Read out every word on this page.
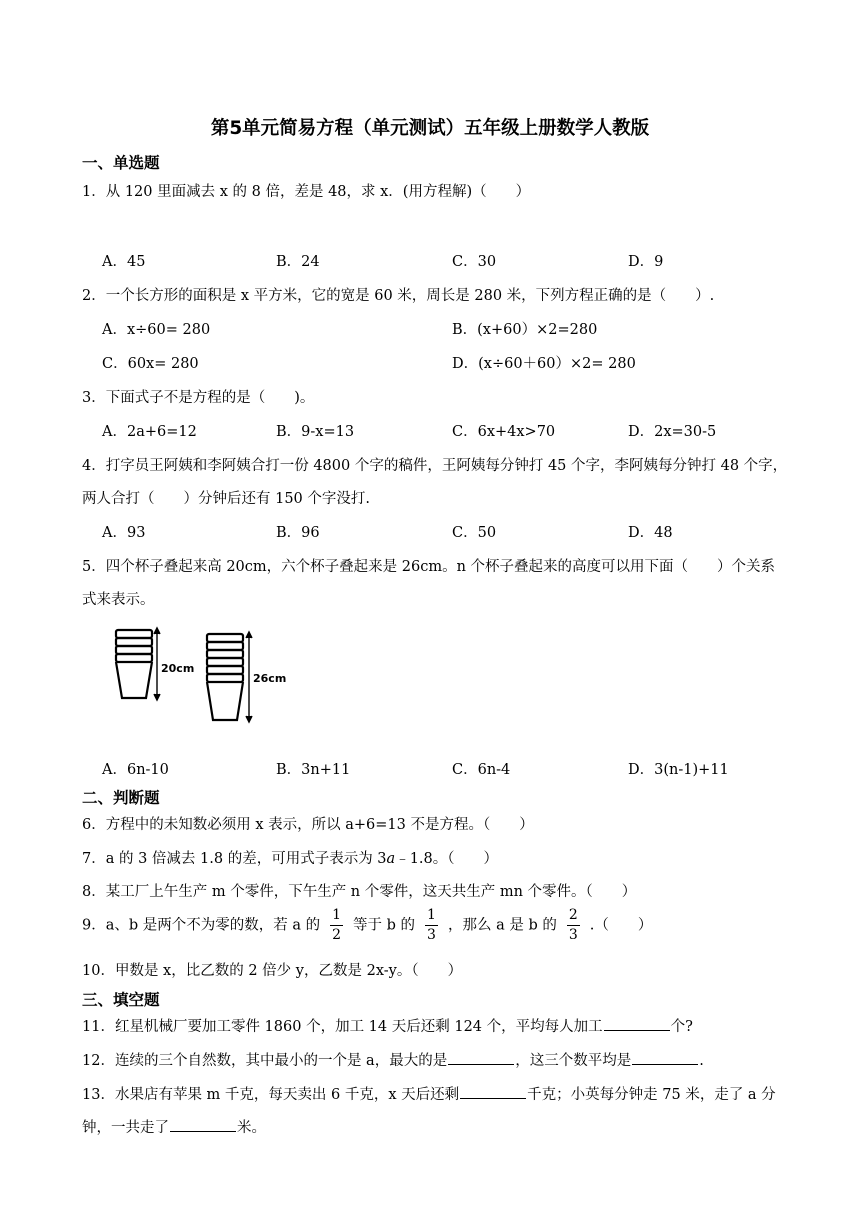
第5单元简易方程（单元测试）五年级上册数学人教版
一、单选题
1．从 120 里面减去 x 的 8 倍，差是 48，求 x．(用方程解)（　　）
A．45	B．24	C．30	D．9
2．一个长方形的面积是 x 平方米，它的宽是 60 米，周长是 280 米，下列方程正确的是（　　）.
A．x÷60= 280	B．(x+60）×2=280
C．60x= 280	D．(x÷60＋60）×2= 280
3．下面式子不是方程的是（　　)。
A．2a+6=12	B．9-x=13	C．6x+4x>70	D．2x=30-5
4．打字员王阿姨和李阿姨合打一份 4800 个字的稿件，王阿姨每分钟打 45 个字，李阿姨每分钟打 48 个字，
两人合打（　　）分钟后还有 150 个字没打.
A．93	B．96	C．50	D．48
5．四个杯子叠起来高 20cm，六个杯子叠起来是 26cm。n 个杯子叠起来的高度可以用下面（　　）个关系
式来表示。
20cm
26cm
A．6n-10	B．3n+11	C．6n-4	D．3(n-1)+11
二、判断题
6．方程中的未知数必须用 x 表示，所以 a+6=13 不是方程。（　　）
7．a 的 3 倍减去 1.8 的差，可用式子表示为 3a﹣1.8。（　　）
8．某工厂上午生产 m 个零件，下午生产 n 个零件，这天共生产 mn 个零件。（　　）
9．a、b 是两个不为零的数，若 a 的 $\frac{1}{2}$ 等于 b 的 $\frac{1}{3}$ ，那么 a 是 b 的 $\frac{2}{3}$ .（　　）
10．甲数是 x，比乙数的 2 倍少 y，乙数是 2x-y。（　　）
三、填空题
11．红星机械厂要加工零件 1860 个，加工 14 天后还剩 124 个，平均每人加工	个?
12．连续的三个自然数，其中最小的一个是 a，最大的是	，这三个数平均是	.
13．水果店有苹果 m 千克，每天卖出 6 千克，x 天后还剩	千克；小英每分钟走 75 米，走了 a 分
钟，一共走了	米。
